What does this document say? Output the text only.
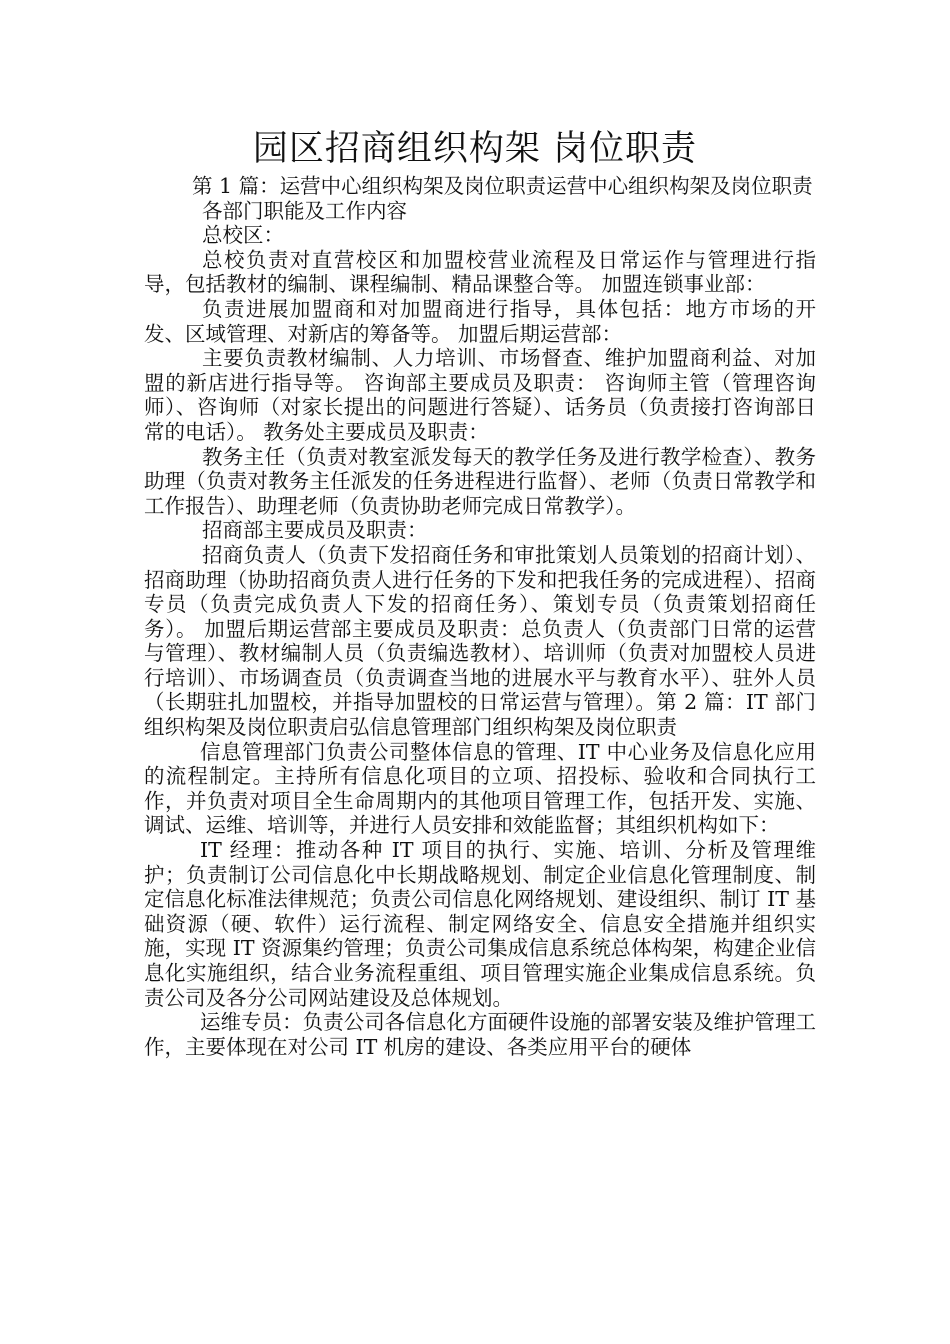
园区招商组织构架 岗位职责

第 1 篇：运营中心组织构架及岗位职责运营中心组织构架及岗位职责

各部门职能及工作内容

总校区：

总校负责对直营校区和加盟校营业流程及日常运作与管理进行指导，包括教材的编制、课程编制、精品课整合等。 加盟连锁事业部：

负责进展加盟商和对加盟商进行指导，具体包括：地方市场的开发、区域管理、对新店的筹备等。 加盟后期运营部：

主要负责教材编制、人力培训、市场督查、维护加盟商利益、对加盟的新店进行指导等。 咨询部主要成员及职责： 咨询师主管（管理咨询师）、咨询师（对家长提出的问题进行答疑）、话务员（负责接打咨询部日常的电话）。 教务处主要成员及职责：

教务主任（负责对教室派发每天的教学任务及进行教学检查）、教务助理（负责对教务主任派发的任务进程进行监督）、老师（负责日常教学和工作报告）、助理老师（负责协助老师完成日常教学）。

招商部主要成员及职责：

招商负责人（负责下发招商任务和审批策划人员策划的招商计划）、招商助理（协助招商负责人进行任务的下发和把我任务的完成进程）、招商专员（负责完成负责人下发的招商任务）、策划专员（负责策划招商任务）。 加盟后期运营部主要成员及职责：总负责人（负责部门日常的运营与管理）、教材编制人员（负责编选教材）、培训师（负责对加盟校人员进行培训）、市场调查员（负责调查当地的进展水平与教育水平）、驻外人员（长期驻扎加盟校，并指导加盟校的日常运营与管理）。第 2 篇：IT 部门组织构架及岗位职责启弘信息管理部门组织构架及岗位职责

信息管理部门负责公司整体信息的管理、IT 中心业务及信息化应用的流程制定。主持所有信息化项目的立项、招投标、验收和合同执行工作，并负责对项目全生命周期内的其他项目管理工作，包括开发、实施、调试、运维、培训等，并进行人员安排和效能监督；其组织机构如下：

IT 经理：推动各种 IT 项目的执行、实施、培训、分析及管理维护；负责制订公司信息化中长期战略规划、制定企业信息化管理制度、制定信息化标准法律规范；负责公司信息化网络规划、建设组织、制订 IT 基础资源（硬、软件）运行流程、制定网络安全、信息安全措施并组织实施，实现 IT 资源集约管理；负责公司集成信息系统总体构架，构建企业信息化实施组织，结合业务流程重组、项目管理实施企业集成信息系统。负责公司及各分公司网站建设及总体规划。

运维专员：负责公司各信息化方面硬件设施的部署安装及维护管理工作，主要体现在对公司 IT 机房的建设、各类应用平台的硬体
